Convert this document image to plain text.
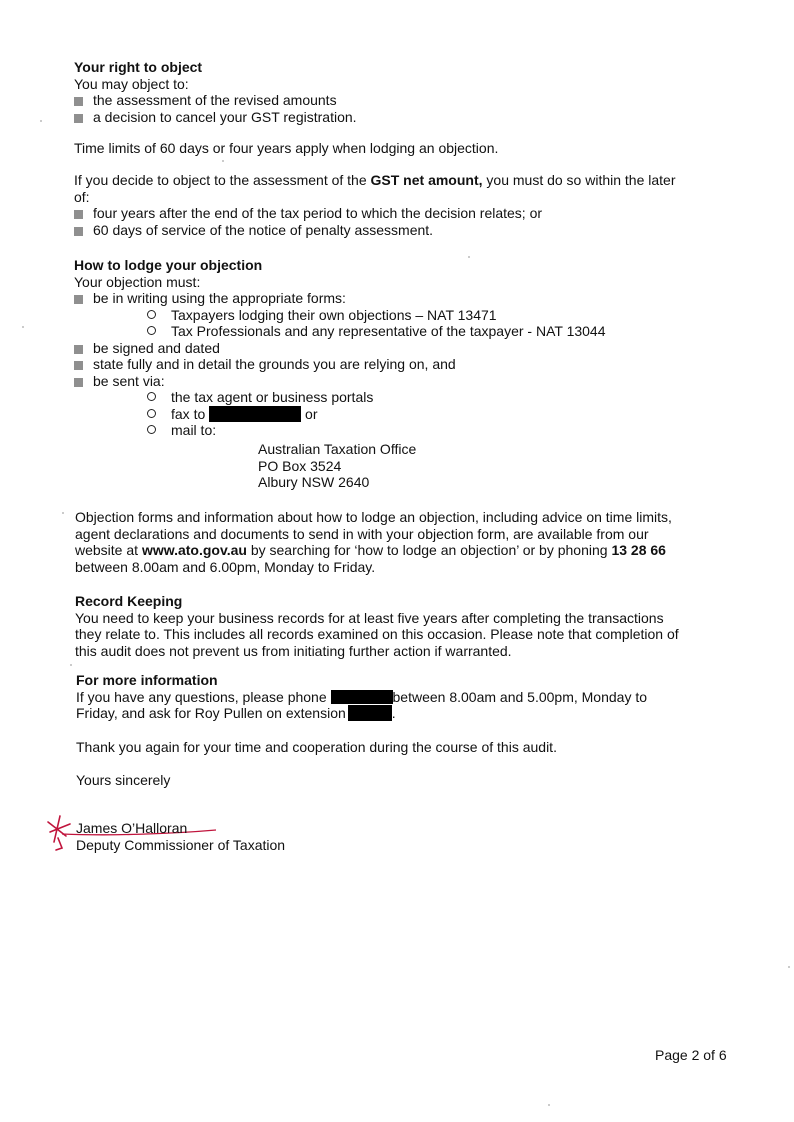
Your right to object
You may object to:
the assessment of the revised amounts
a decision to cancel your GST registration.
Time limits of 60 days or four years apply when lodging an objection.
If you decide to object to the assessment of the GST net amount, you must do so within the later
of:
four years after the end of the tax period to which the decision relates; or
60 days of service of the notice of penalty assessment.
How to lodge your objection
Your objection must:
be in writing using the appropriate forms:
Taxpayers lodging their own objections – NAT 13471
Tax Professionals and any representative of the taxpayer - NAT 13044
be signed and dated
state fully and in detail the grounds you are relying on, and
be sent via:
the tax agent or business portals
fax to	or
mail to:
Australian Taxation Office
PO Box 3524
Albury NSW 2640
Objection forms and information about how to lodge an objection, including advice on time limits,
agent declarations and documents to send in with your objection form, are available from our
website at www.ato.gov.au by searching for ‘how to lodge an objection’ or by phoning 13 28 66
between 8.00am and 6.00pm, Monday to Friday.
Record Keeping
You need to keep your business records for at least five years after completing the transactions
they relate to. This includes all records examined on this occasion. Please note that completion of
this audit does not prevent us from initiating further action if warranted.
For more information
If you have any questions, please phone	between 8.00am and 5.00pm, Monday to
Friday, and ask for Roy Pullen on extension	.
Thank you again for your time and cooperation during the course of this audit.
Yours sincerely
James O’Halloran
Deputy Commissioner of Taxation
Page 2 of 6
